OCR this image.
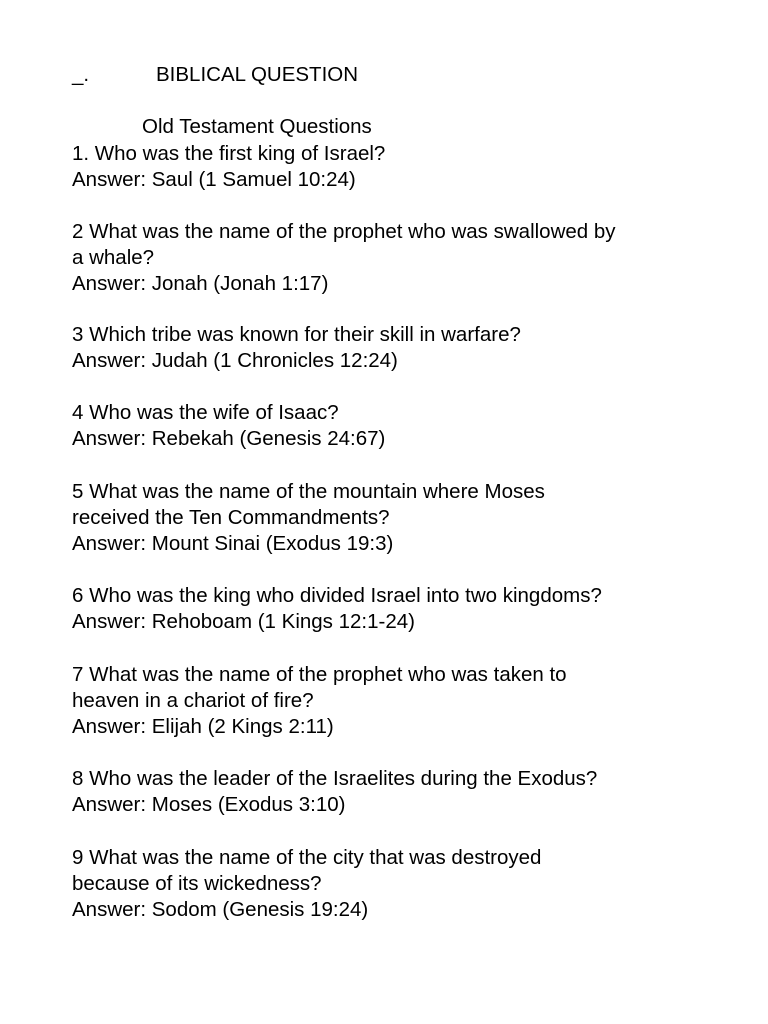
_.	BIBLICAL QUESTION

Old Testament Questions

1. Who was the first king of Israel?

Answer: Saul (1 Samuel 10:24)

2 What was the name of the prophet who was swallowed by

a whale?

Answer: Jonah (Jonah 1:17)

3 Which tribe was known for their skill in warfare?

Answer: Judah (1 Chronicles 12:24)

4 Who was the wife of Isaac?

Answer: Rebekah (Genesis 24:67)

5 What was the name of the mountain where Moses

received the Ten Commandments?

Answer: Mount Sinai (Exodus 19:3)

6 Who was the king who divided Israel into two kingdoms?

Answer: Rehoboam (1 Kings 12:1-24)

7 What was the name of the prophet who was taken to

heaven in a chariot of fire?

Answer: Elijah (2 Kings 2:11)

8 Who was the leader of the Israelites during the Exodus?

Answer: Moses (Exodus 3:10)

9 What was the name of the city that was destroyed

because of its wickedness?

Answer: Sodom (Genesis 19:24)
